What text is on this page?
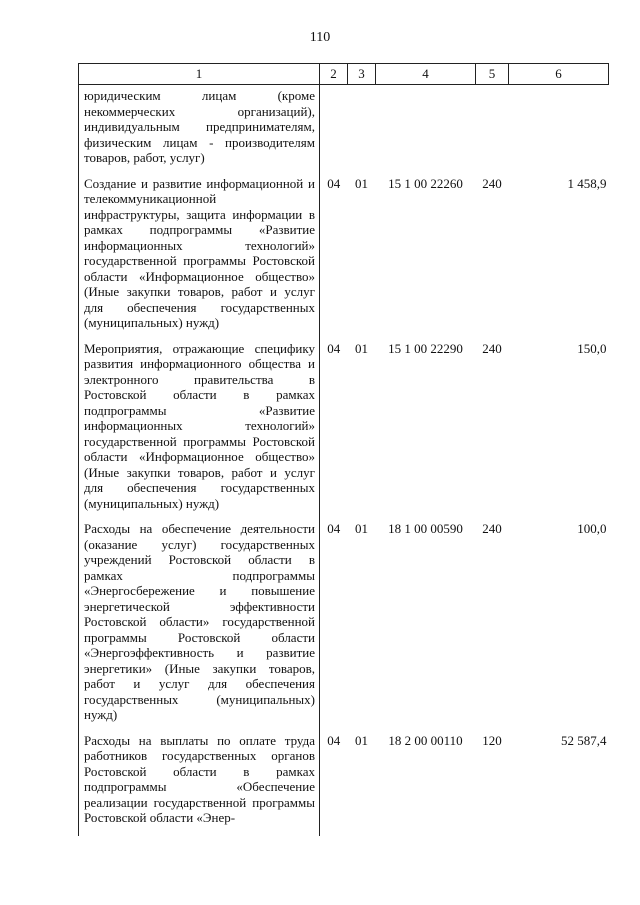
110
1	2	3	4	5	6
юридическим лицам (кроме некоммерческих организаций), индивидуальным предпринимателям, физическим лицам - производителям товаров, работ, услуг)					
Создание и развитие информационной и телекоммуникационной инфраструктуры, защита информации в рамках подпрограммы «Развитие информационных технологий» государственной программы Ростовской области «Информационное общество» (Иные закупки товаров, работ и услуг для обеспечения государственных (муниципальных) нужд)	04	01	15 1 00 22260	240	1 458,9
Мероприятия, отражающие специфику развития информационного общества и электронного правительства в Ростовской области в рамках подпрограммы «Развитие информационных технологий» государственной программы Ростовской области «Информационное общество» (Иные закупки товаров, работ и услуг для обеспечения государственных (муниципальных) нужд)	04	01	15 1 00 22290	240	150,0
Расходы на обеспечение деятельности (оказание услуг) государственных учреждений Ростовской области в рамках подпрограммы «Энергосбережение и повышение энергетической эффективности Ростовской области» государственной программы Ростовской области «Энергоэффективность и развитие энергетики» (Иные закупки товаров, работ и услуг для обеспечения государственных (муниципальных) нужд)	04	01	18 1 00 00590	240	100,0
Расходы на выплаты по оплате труда работников государственных органов Ростовской области в рамках подпрограммы «Обеспечение реализации государственной программы Ростовской области «Энер-	04	01	18 2 00 00110	120	52 587,4
